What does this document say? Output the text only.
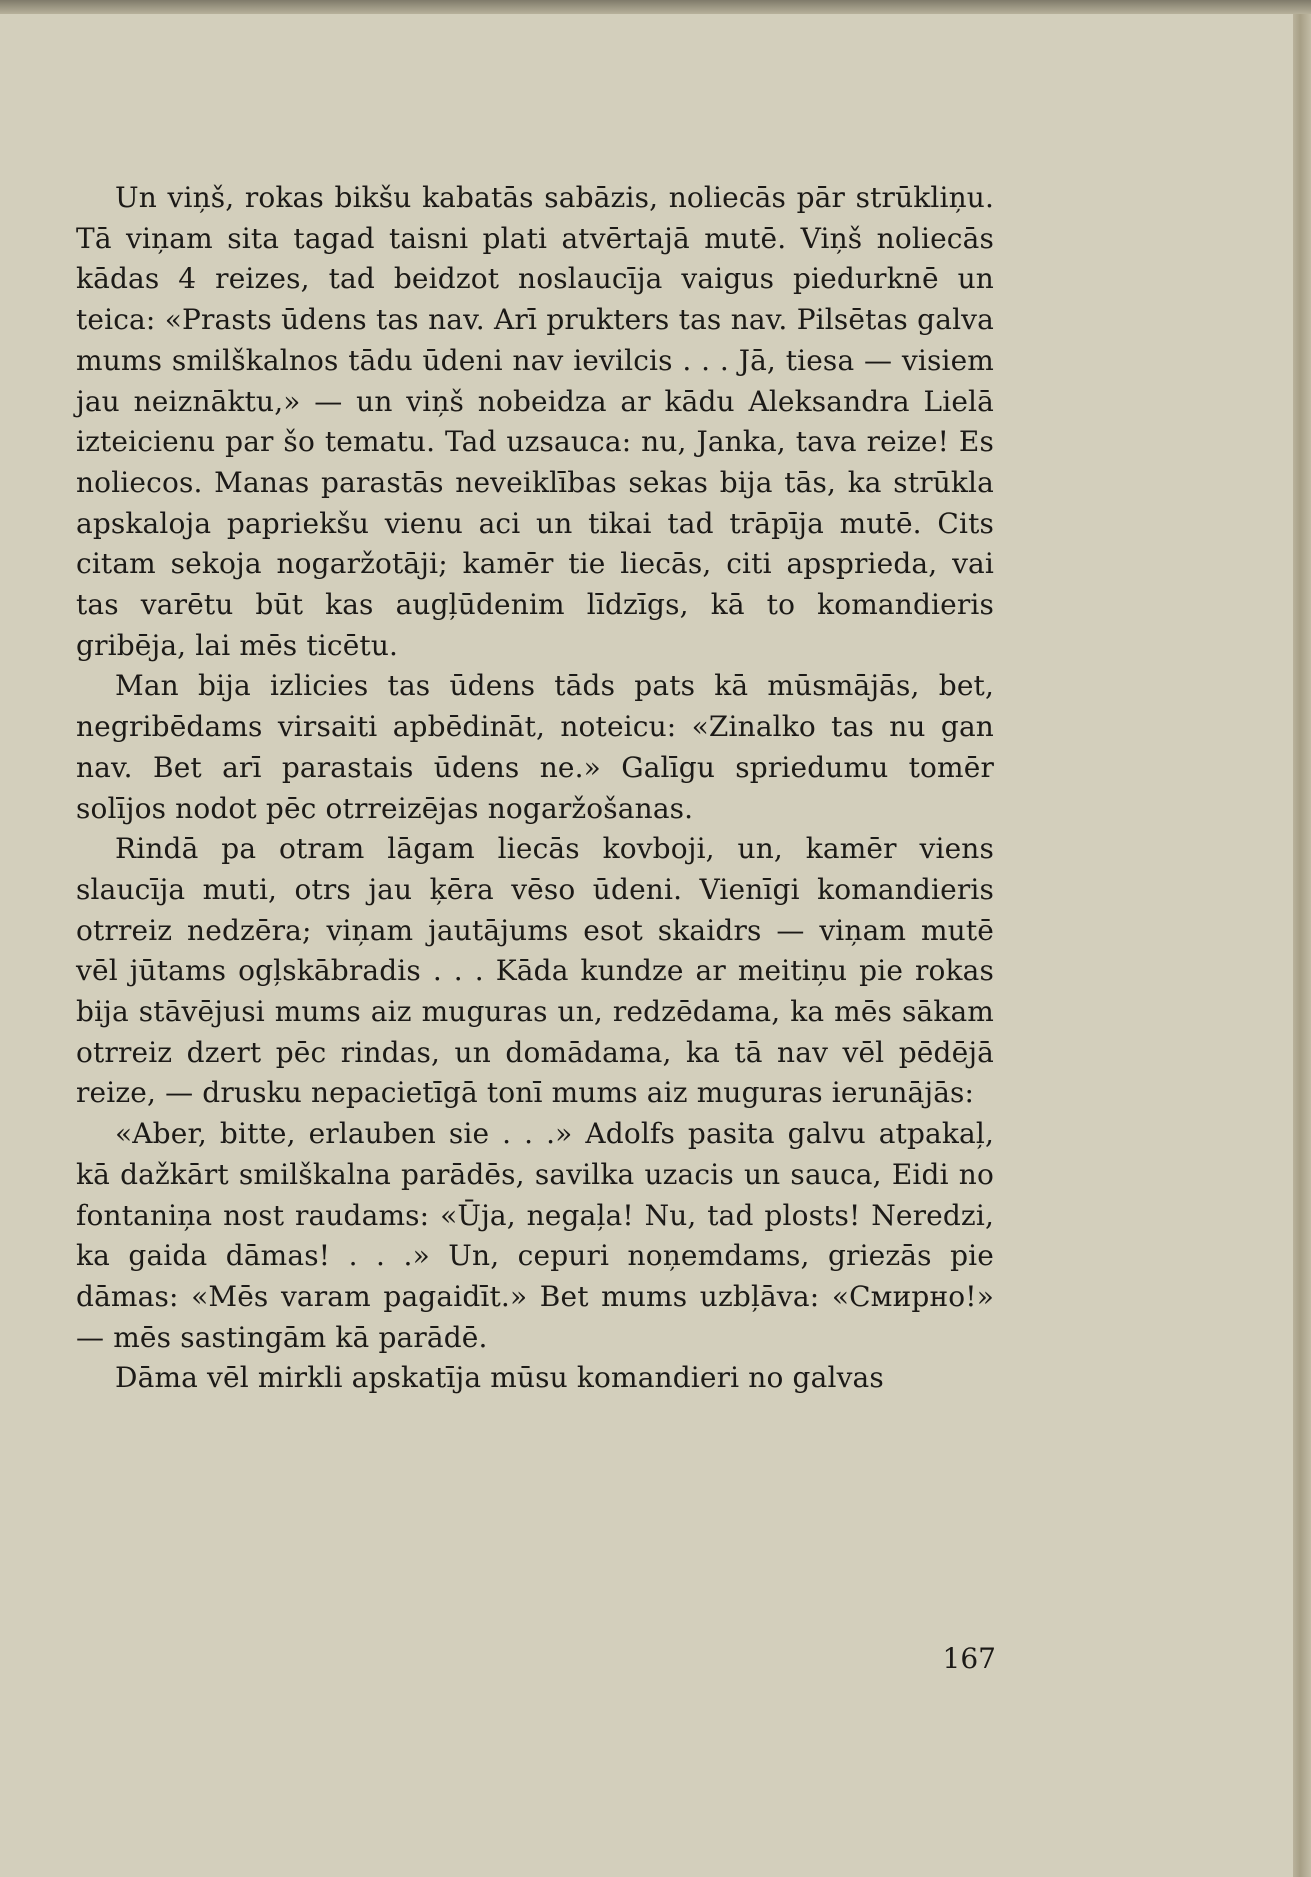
Un viņš, rokas bikšu kabatās sabāzis, noliecās pār strūkliņu. Tā viņam sita tagad taisni plati atvērtajā mutē. Viņš noliecās kādas 4 reizes, tad beidzot noslaucīja vaigus piedurknē un teica: «Prasts ūdens tas nav. Arī prukters tas nav. Pilsētas galva mums smilškalnos tādu ūdeni nav ievilcis . . . Jā, tiesa — visiem jau neiznāktu,» — un viņš nobeidza ar kādu Aleksandra Lielā izteicienu par šo tematu. Tad uzsauca: nu, Janka, tava reize! Es noliecos. Manas parastās neveiklības sekas bija tās, ka strūkla apskaloja papriekšu vienu aci un tikai tad trāpīja mutē. Cits citam sekoja nogaržotāji; kamēr tie liecās, citi apsprieda, vai tas varētu būt kas augļūdenim līdzīgs, kā to komandieris gribēja, lai mēs ticētu.

Man bija izlicies tas ūdens tāds pats kā mūsmājās, bet, negribēdams virsaiti apbēdināt, noteicu: «Zinalko tas nu gan nav. Bet arī parastais ūdens ne.» Galīgu spriedumu tomēr solījos nodot pēc otrreizējas nogaržošanas.

Rindā pa otram lāgam liecās kovboji, un, kamēr viens slaucīja muti, otrs jau ķēra vēso ūdeni. Vienīgi komandieris otrreiz nedzēra; viņam jautājums esot skaidrs — viņam mutē vēl jūtams ogļskābradis . . . Kāda kundze ar meitiņu pie rokas bija stāvējusi mums aiz muguras un, redzēdama, ka mēs sākam otrreiz dzert pēc rindas, un domādama, ka tā nav vēl pēdējā reize, — drusku nepacietīgā tonī mums aiz muguras ierunājās:

«Aber, bitte, erlauben sie . . .» Adolfs pasita galvu atpakaļ, kā dažkārt smilškalna parādēs, savilka uzacis un sauca, Eidi no fontaniņa nost raudams: «Ūja, negaļa! Nu, tad plosts! Neredzi, ka gaida dāmas! . . .» Un, cepuri noņemdams, griezās pie dāmas: «Mēs varam pagaidīt.» Bet mums uzbļāva: «Смирно!» — mēs sastingām kā parādē.

Dāma vēl mirkli apskatīja mūsu komandieri no galvas

167
